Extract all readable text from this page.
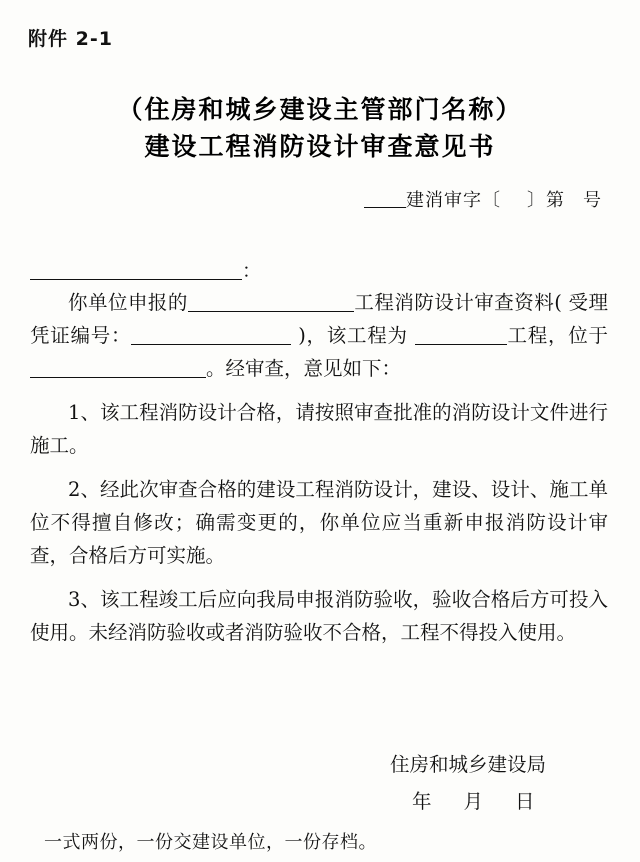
附件 2-1
（住房和城乡建设主管部门名称）
建设工程消防设计审查意见书
建消审字〔 〕第 号
：

你单位申报的	工程消防设计审查资料( 受理凭证编号：	)，该工程为	工程，位于。经审查，意见如下：

1、该工程消防设计合格，请按照审查批准的消防设计文件进行施工。

2、经此次审查合格的建设工程消防设计，建设、设计、施工单位不得擅自修改；确需变更的，你单位应当重新申报消防设计审查，合格后方可实施。

3、该工程竣工后应向我局申报消防验收，验收合格后方可投入使用。未经消防验收或者消防验收不合格，工程不得投入使用。

住房和城乡建设局
年 月 日
一式两份，一份交建设单位，一份存档。
